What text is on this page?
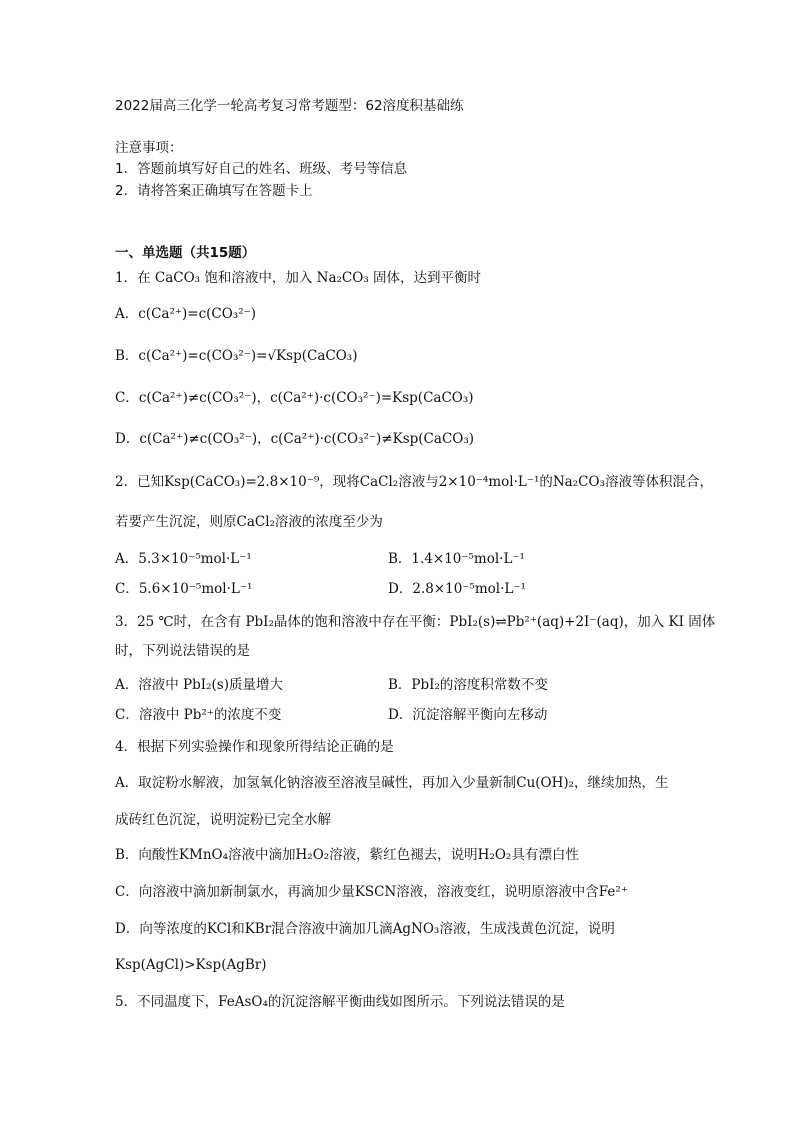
2022届高三化学一轮高考复习常考题型：62溶度积基础练
注意事项：
1．答题前填写好自己的姓名、班级、考号等信息
2．请将答案正确填写在答题卡上
一、单选题（共15题）
1．在 CaCO₃ 饱和溶液中，加入 Na₂CO₃ 固体，达到平衡时
A．c(Ca²⁺)=c(CO₃²⁻)
B．c(Ca²⁺)=c(CO₃²⁻)=√Ksp(CaCO₃)
C．c(Ca²⁺)≠c(CO₃²⁻)，c(Ca²⁺)·c(CO₃²⁻)=Ksp(CaCO₃)
D．c(Ca²⁺)≠c(CO₃²⁻)，c(Ca²⁺)·c(CO₃²⁻)≠Ksp(CaCO₃)
2．已知Ksp(CaCO₃)=2.8×10⁻⁹，现将CaCl₂溶液与2×10⁻⁴mol·L⁻¹的Na₂CO₃溶液等体积混合，
若要产生沉淀，则原CaCl₂溶液的浓度至少为
A．5.3×10⁻⁵mol·L⁻¹	B．1.4×10⁻⁵mol·L⁻¹
C．5.6×10⁻⁵mol·L⁻¹	D．2.8×10⁻⁵mol·L⁻¹
3．25 ℃时，在含有 PbI₂晶体的饱和溶液中存在平衡：PbI₂(s)⇌Pb²⁺(aq)+2I⁻(aq)，加入 KI 固体
时，下列说法错误的是
A．溶液中 PbI₂(s)质量增大	B．PbI₂的溶度积常数不变
C．溶液中 Pb²⁺的浓度不变	D．沉淀溶解平衡向左移动
4．根据下列实验操作和现象所得结论正确的是
A．取淀粉水解液，加氢氧化钠溶液至溶液呈碱性，再加入少量新制Cu(OH)₂，继续加热，生
成砖红色沉淀，说明淀粉已完全水解
B．向酸性KMnO₄溶液中滴加H₂O₂溶液，紫红色褪去，说明H₂O₂具有漂白性
C．向溶液中滴加新制氯水，再滴加少量KSCN溶液，溶液变红，说明原溶液中含Fe²⁺
D．向等浓度的KCl和KBr混合溶液中滴加几滴AgNO₃溶液，生成浅黄色沉淀，说明
Ksp(AgCl)>Ksp(AgBr)
5．不同温度下，FeAsO₄的沉淀溶解平衡曲线如图所示。下列说法错误的是
